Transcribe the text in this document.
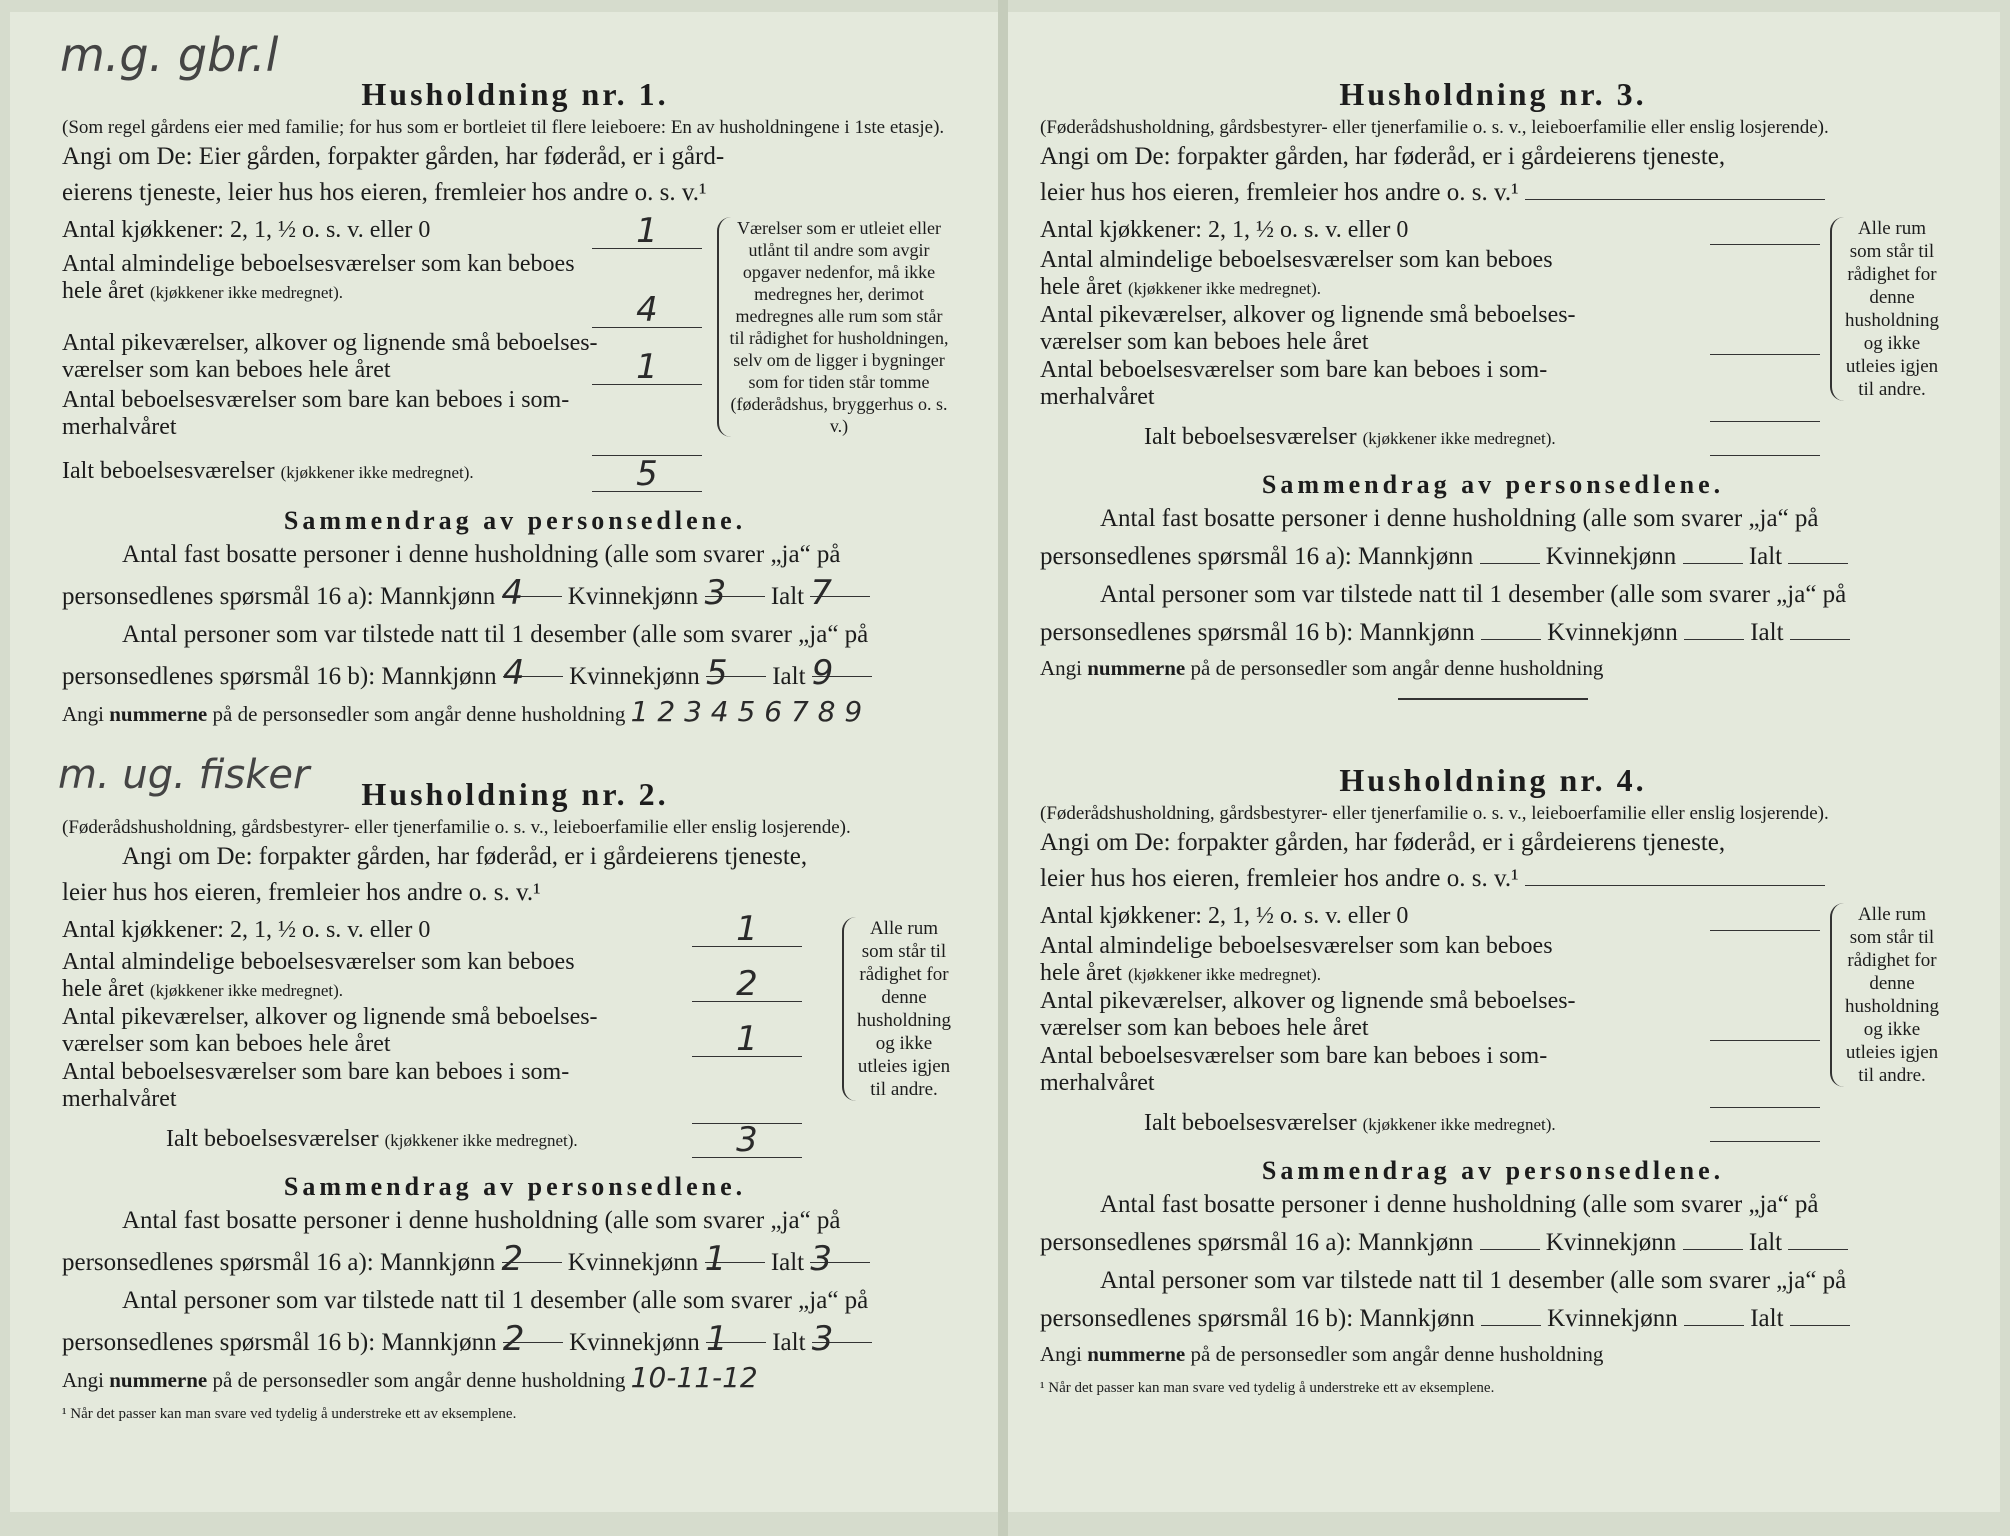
m.g. gbr.l
m. ug. fisker
Husholdning nr. 1.
(Som regel gårdens eier med familie; for hus som er bortleiet til flere leieboere: En av husholdningene i 1ste etasje).
Angi om De: Eier gården, forpakter gården, har føderåd, er i gård-
eierens tjeneste, leier hus hos eieren, fremleier hos andre o. s. v.¹
Antal kjøkkener: 2, 1, ½ o. s. v. eller 0	1
Antal almindelige beboelsesværelser som kan beboes
hele året (kjøkkener ikke medregnet).	4
Antal pikeværelser, alkover og lignende små beboelses-
værelser som kan beboes hele året	1
Antal beboelsesværelser som bare kan beboes i som-
merhalvåret
Ialt beboelsesværelser (kjøkkener ikke medregnet).	5
Værelser som er utleiet eller utlånt til andre som avgir opgaver nedenfor, må ikke medregnes her, derimot medregnes alle rum som står til rådighet for husholdningen, selv om de ligger i bygninger som for tiden står tomme (føderådshus, bryggerhus o. s. v.)
Sammendrag av personsedlene.
Antal fast bosatte personer i denne husholdning (alle som svarer „ja“ på
personsedlenes spørsmål 16 a): Mannkjønn 4 Kvinnekjønn 3 Ialt 7
Antal personer som var tilstede natt til 1 desember (alle som svarer „ja“ på
personsedlenes spørsmål 16 b): Mannkjønn 4 Kvinnekjønn 5 Ialt 9
Angi nummerne på de personsedler som angår denne husholdning 1 2 3 4 5 6 7 8 9
Husholdning nr. 2.
(Føderådshusholdning, gårdsbestyrer- eller tjenerfamilie o. s. v., leieboerfamilie eller enslig losjerende).
Angi om De: forpakter gården, har føderåd, er i gårdeierens tjeneste,
leier hus hos eieren, fremleier hos andre o. s. v.¹
Antal kjøkkener: 2, 1, ½ o. s. v. eller 0	1
Antal almindelige beboelsesværelser som kan beboes
hele året (kjøkkener ikke medregnet).	2
Antal pikeværelser, alkover og lignende små beboelses-
værelser som kan beboes hele året	1
Antal beboelsesværelser som bare kan beboes i som-
merhalvåret
Ialt beboelsesværelser (kjøkkener ikke medregnet).	3
Alle rum som står til rådighet for denne husholdning og ikke utleies igjen til andre.
Sammendrag av personsedlene.
Antal fast bosatte personer i denne husholdning (alle som svarer „ja“ på
personsedlenes spørsmål 16 a): Mannkjønn 2 Kvinnekjønn 1 Ialt 3
Antal personer som var tilstede natt til 1 desember (alle som svarer „ja“ på
personsedlenes spørsmål 16 b): Mannkjønn 2 Kvinnekjønn 1 Ialt 3
Angi nummerne på de personsedler som angår denne husholdning 10-11-12
¹ Når det passer kan man svare ved tydelig å understreke ett av eksemplene.
Husholdning nr. 3.
(Føderådshusholdning, gårdsbestyrer- eller tjenerfamilie o. s. v., leieboerfamilie eller enslig losjerende).
Angi om De: forpakter gården, har føderåd, er i gårdeierens tjeneste,
leier hus hos eieren, fremleier hos andre o. s. v.¹
Antal kjøkkener: 2, 1, ½ o. s. v. eller 0
Antal almindelige beboelsesværelser som kan beboes
hele året (kjøkkener ikke medregnet).
Antal pikeværelser, alkover og lignende små beboelses-
værelser som kan beboes hele året
Antal beboelsesværelser som bare kan beboes i som-
merhalvåret
Ialt beboelsesværelser (kjøkkener ikke medregnet).
Alle rum som står til rådighet for denne husholdning og ikke utleies igjen til andre.
Sammendrag av personsedlene.
Antal fast bosatte personer i denne husholdning (alle som svarer „ja“ på
personsedlenes spørsmål 16 a): Mannkjønn	Kvinnekjønn	Ialt
Antal personer som var tilstede natt til 1 desember (alle som svarer „ja“ på
personsedlenes spørsmål 16 b): Mannkjønn	Kvinnekjønn	Ialt
Angi nummerne på de personsedler som angår denne husholdning
Husholdning nr. 4.
(Føderådshusholdning, gårdsbestyrer- eller tjenerfamilie o. s. v., leieboerfamilie eller enslig losjerende).
Angi om De: forpakter gården, har føderåd, er i gårdeierens tjeneste,
leier hus hos eieren, fremleier hos andre o. s. v.¹
Antal kjøkkener: 2, 1, ½ o. s. v. eller 0
Antal almindelige beboelsesværelser som kan beboes
hele året (kjøkkener ikke medregnet).
Antal pikeværelser, alkover og lignende små beboelses-
værelser som kan beboes hele året
Antal beboelsesværelser som bare kan beboes i som-
merhalvåret
Ialt beboelsesværelser (kjøkkener ikke medregnet).
Alle rum som står til rådighet for denne husholdning og ikke utleies igjen til andre.
Sammendrag av personsedlene.
Antal fast bosatte personer i denne husholdning (alle som svarer „ja“ på
personsedlenes spørsmål 16 a): Mannkjønn	Kvinnekjønn	Ialt
Antal personer som var tilstede natt til 1 desember (alle som svarer „ja“ på
personsedlenes spørsmål 16 b): Mannkjønn	Kvinnekjønn	Ialt
Angi nummerne på de personsedler som angår denne husholdning
¹ Når det passer kan man svare ved tydelig å understreke ett av eksemplene.
